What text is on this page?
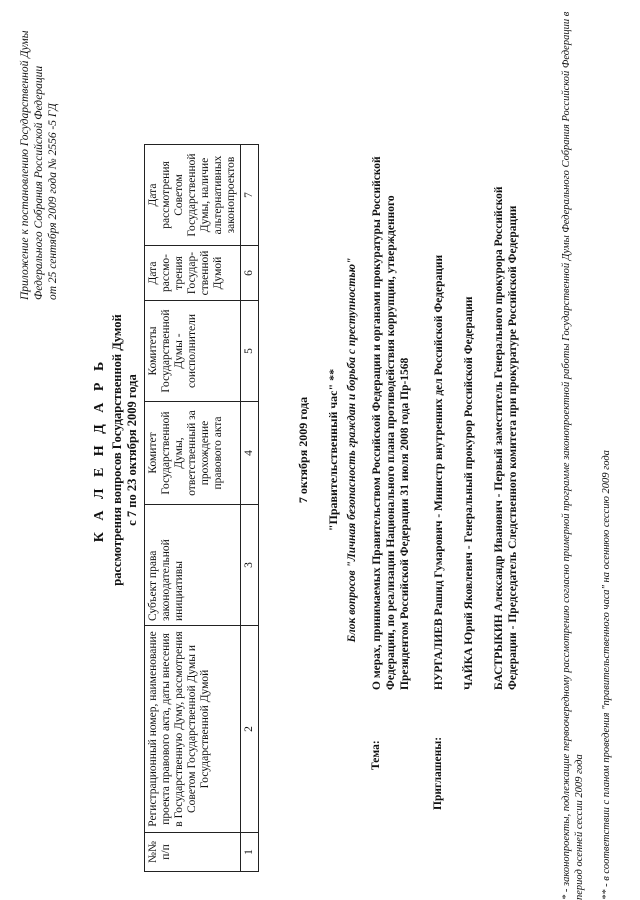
Приложение к постановлению Государственной Думы Федерального Собрания Российской Федерации от 25 сентября 2009 года № 2556 -5 ГД
К А Л Е Н Д А Р Ь рассмотрения вопросов Государственной Думой с 7 по 23 октября 2009 года
№№ п/п	Регистрационный номер, наименование проекта правового акта, даты внесения в Государственную Думу, рассмотрения Советом Государственной Думы и Государственной Думой	Субъект права законодательной инициативы	Комитет Государственной Думы, ответственный за прохождение правового акта	Комитеты Государственной Думы - соисполнители	Дата рассмо-трения Государ-ственной Думой	Дата рассмотрения Советом Государственной Думы, наличие альтернативных законопроектов
1	2	3	4	5	6	7
7 октября 2009 года "Правительственный час" ** Блок вопросов "Личная безопасность граждан и борьба с преступностью"
Тема:
О мерах, принимаемых Правительством Российской Федерации и органами прокуратуры Российской Федерации, по реализации Национального плана противодействия коррупции, утвержденного Президентом Российской Федерации 31 июля 2008 года Пр-1568
Приглашены:
НУРГАЛИЕВ Рашид Гумарович - Министр внутренних дел Российской Федерации ЧАЙКА Юрий Яковлевич - Генеральный прокурор Российской Федерации БАСТРЫКИН Александр Иванович - Первый заместитель Генерального прокурора Российской Федерации - Председатель Следственного комитета при прокуратуре Российской Федерации	* - законопроекты, подлежащие первоочередному рассмотрению согласно примерной программе законопроектной работы Государственной Думы Федерального Собрания Российской Федерации в период осенней сессии 2009 года ** - в соответствии с планом проведения "правительственного часа" на осеннюю сессию 2009 года
